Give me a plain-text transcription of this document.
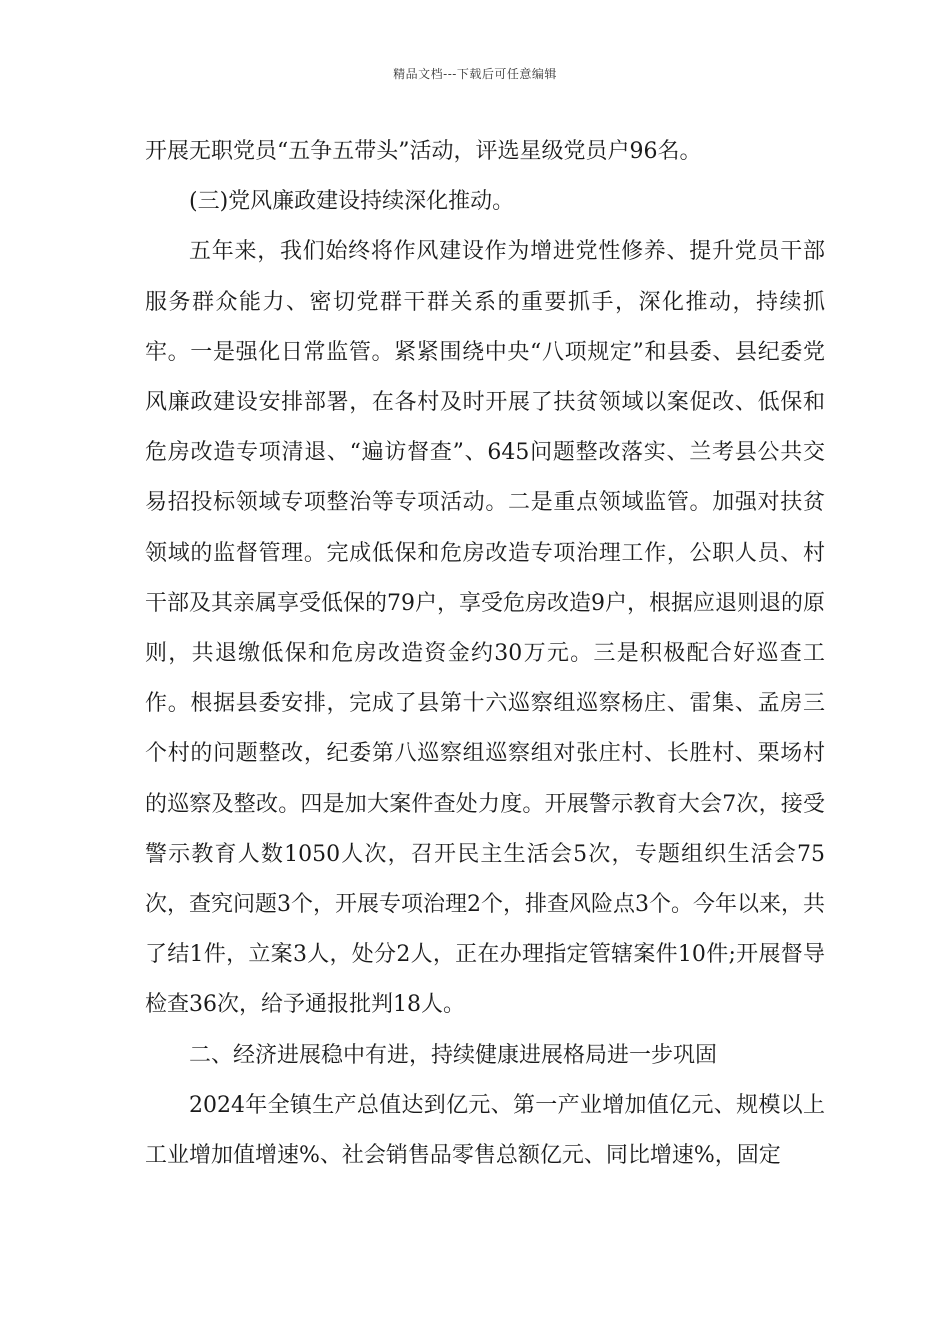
精品文档---下载后可任意编辑

开展无职党员“五争五带头”活动，评选星级党员户96名。

(三)党风廉政建设持续深化推动。

五年来，我们始终将作风建设作为增进党性修养、提升党员干部服务群众能力、密切党群干群关系的重要抓手，深化推动，持续抓牢。一是强化日常监管。紧紧围绕中央“八项规定”和县委、县纪委党风廉政建设安排部署，在各村及时开展了扶贫领域以案促改、低保和危房改造专项清退、“遍访督查”、645问题整改落实、兰考县公共交易招投标领域专项整治等专项活动。二是重点领域监管。加强对扶贫领域的监督管理。完成低保和危房改造专项治理工作，公职人员、村干部及其亲属享受低保的79户，享受危房改造9户，根据应退则退的原则，共退缴低保和危房改造资金约30万元。三是积极配合好巡查工作。根据县委安排，完成了县第十六巡察组巡察杨庄、雷集、孟房三个村的问题整改，纪委第八巡察组巡察组对张庄村、长胜村、栗场村的巡察及整改。四是加大案件查处力度。开展警示教育大会7次，接受警示教育人数1050人次，召开民主生活会5次，专题组织生活会75次，查究问题3个，开展专项治理2个，排查风险点3个。今年以来，共了结1件，立案3人，处分2人，正在办理指定管辖案件10件;开展督导检查36次，给予通报批判18人。

二、经济进展稳中有进，持续健康进展格局进一步巩固

2024年全镇生产总值达到亿元、第一产业增加值亿元、规模以上工业增加值增速%、社会销售品零售总额亿元、同比增速%，固定
